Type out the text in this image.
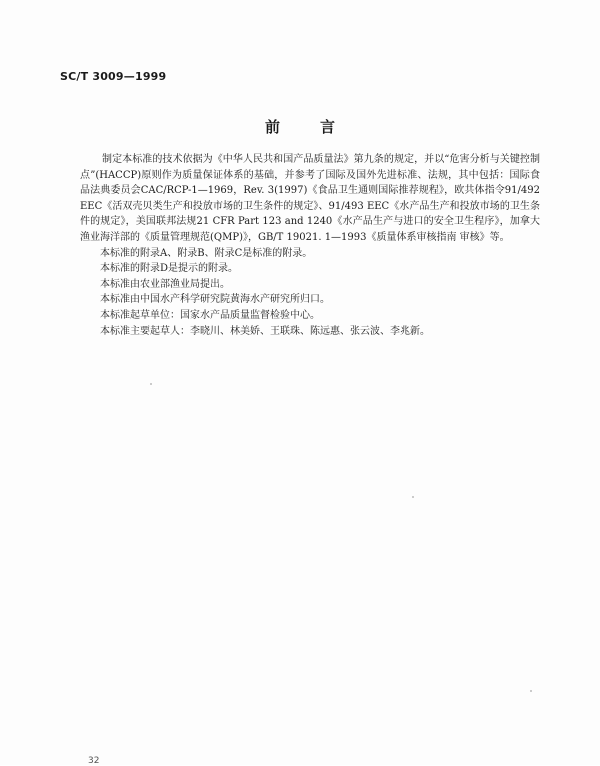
SC/T 3009—1999
前言

制定本标准的技术依据为《中华人民共和国产品质量法》第九条的规定，并以“危害分析与关键控制点”(HACCP)原则作为质量保证体系的基础，并参考了国际及国外先进标准、法规，其中包括：国际食品法典委员会CAC/RCP-1—1969，Rev. 3(1997)《食品卫生通则国际推荐规程》，欧共体指令91/492 EEC《活双壳贝类生产和投放市场的卫生条件的规定》、91/493 EEC《水产品生产和投放市场的卫生条件的规定》，美国联邦法规21 CFR Part 123 and 1240《水产品生产与进口的安全卫生程序》，加拿大渔业海洋部的《质量管理规范(QMP)》，GB/T 19021. 1—1993《质量体系审核指南 审核》等。

本标准的附录A、附录B、附录C是标准的附录。

本标准的附录D是提示的附录。

本标准由农业部渔业局提出。

本标准由中国水产科学研究院黄海水产研究所归口。

本标准起草单位：国家水产品质量监督检验中心。

本标准主要起草人：李晓川、林美娇、王联珠、陈远惠、张云波、李兆新。

32
